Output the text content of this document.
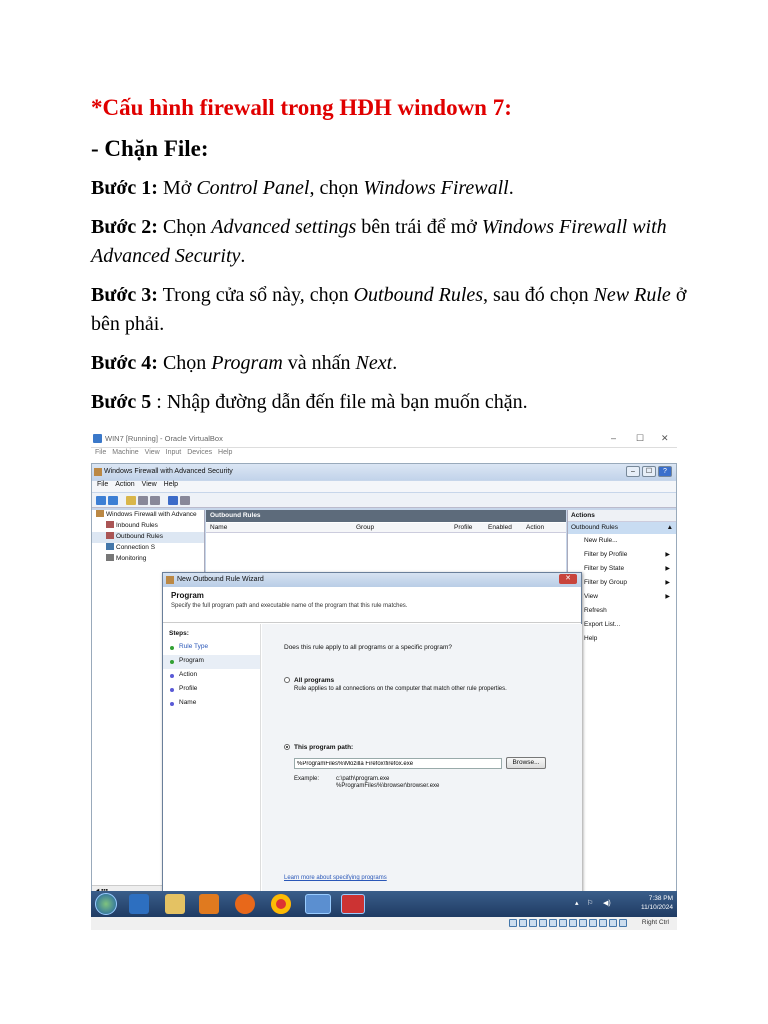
*Cấu hình firewall trong HĐH windown 7:
- Chặn File:
Bước 1: Mở Control Panel, chọn Windows Firewall.
Bước 2: Chọn Advanced settings bên trái để mở Windows Firewall with Advanced Security.
Bước 3: Trong cửa sổ này, chọn Outbound Rules, sau đó chọn New Rule ở bên phải.
Bước 4: Chọn Program và nhấn Next.
Bước 5 : Nhập đường dẫn đến file mà bạn muốn chặn.
WIN7 [Running] - Oracle VirtualBox	– ☐ ✕
File Machine View Input Devices Help
Windows Firewall with Advanced Security	– ☐ ?
File Action View Help
Windows Firewall with Advance
Inbound Rules
Outbound Rules
Connection S
Monitoring
Outbound Rules
Name	Group	Profile Enabled Action
Actions
Outbound Rules	▲
New Rule...
Filter by Profile	▶
Filter by State	▶
Filter by Group	▶
View	▶
Refresh
Export List...
Help
New Outbound Rule Wizard	✕
Program
Specify the full program path and executable name of the program that this rule matches.
Steps:
Rule Type
Program
Action
Profile
Name
Does this rule apply to all programs or a specific program?
All programs
Rule applies to all connections on the computer that match other rule properties.
This program path:
%ProgramFiles%\Mozilla Firefox\firefox.exe
Browse...
Example:	c:\path\program.exe
%ProgramFiles%\browser\browser.exe
Learn more about specifying programs
▴ ⚐ ◀)
7:38 PM
11/10/2024
Right Ctrl
